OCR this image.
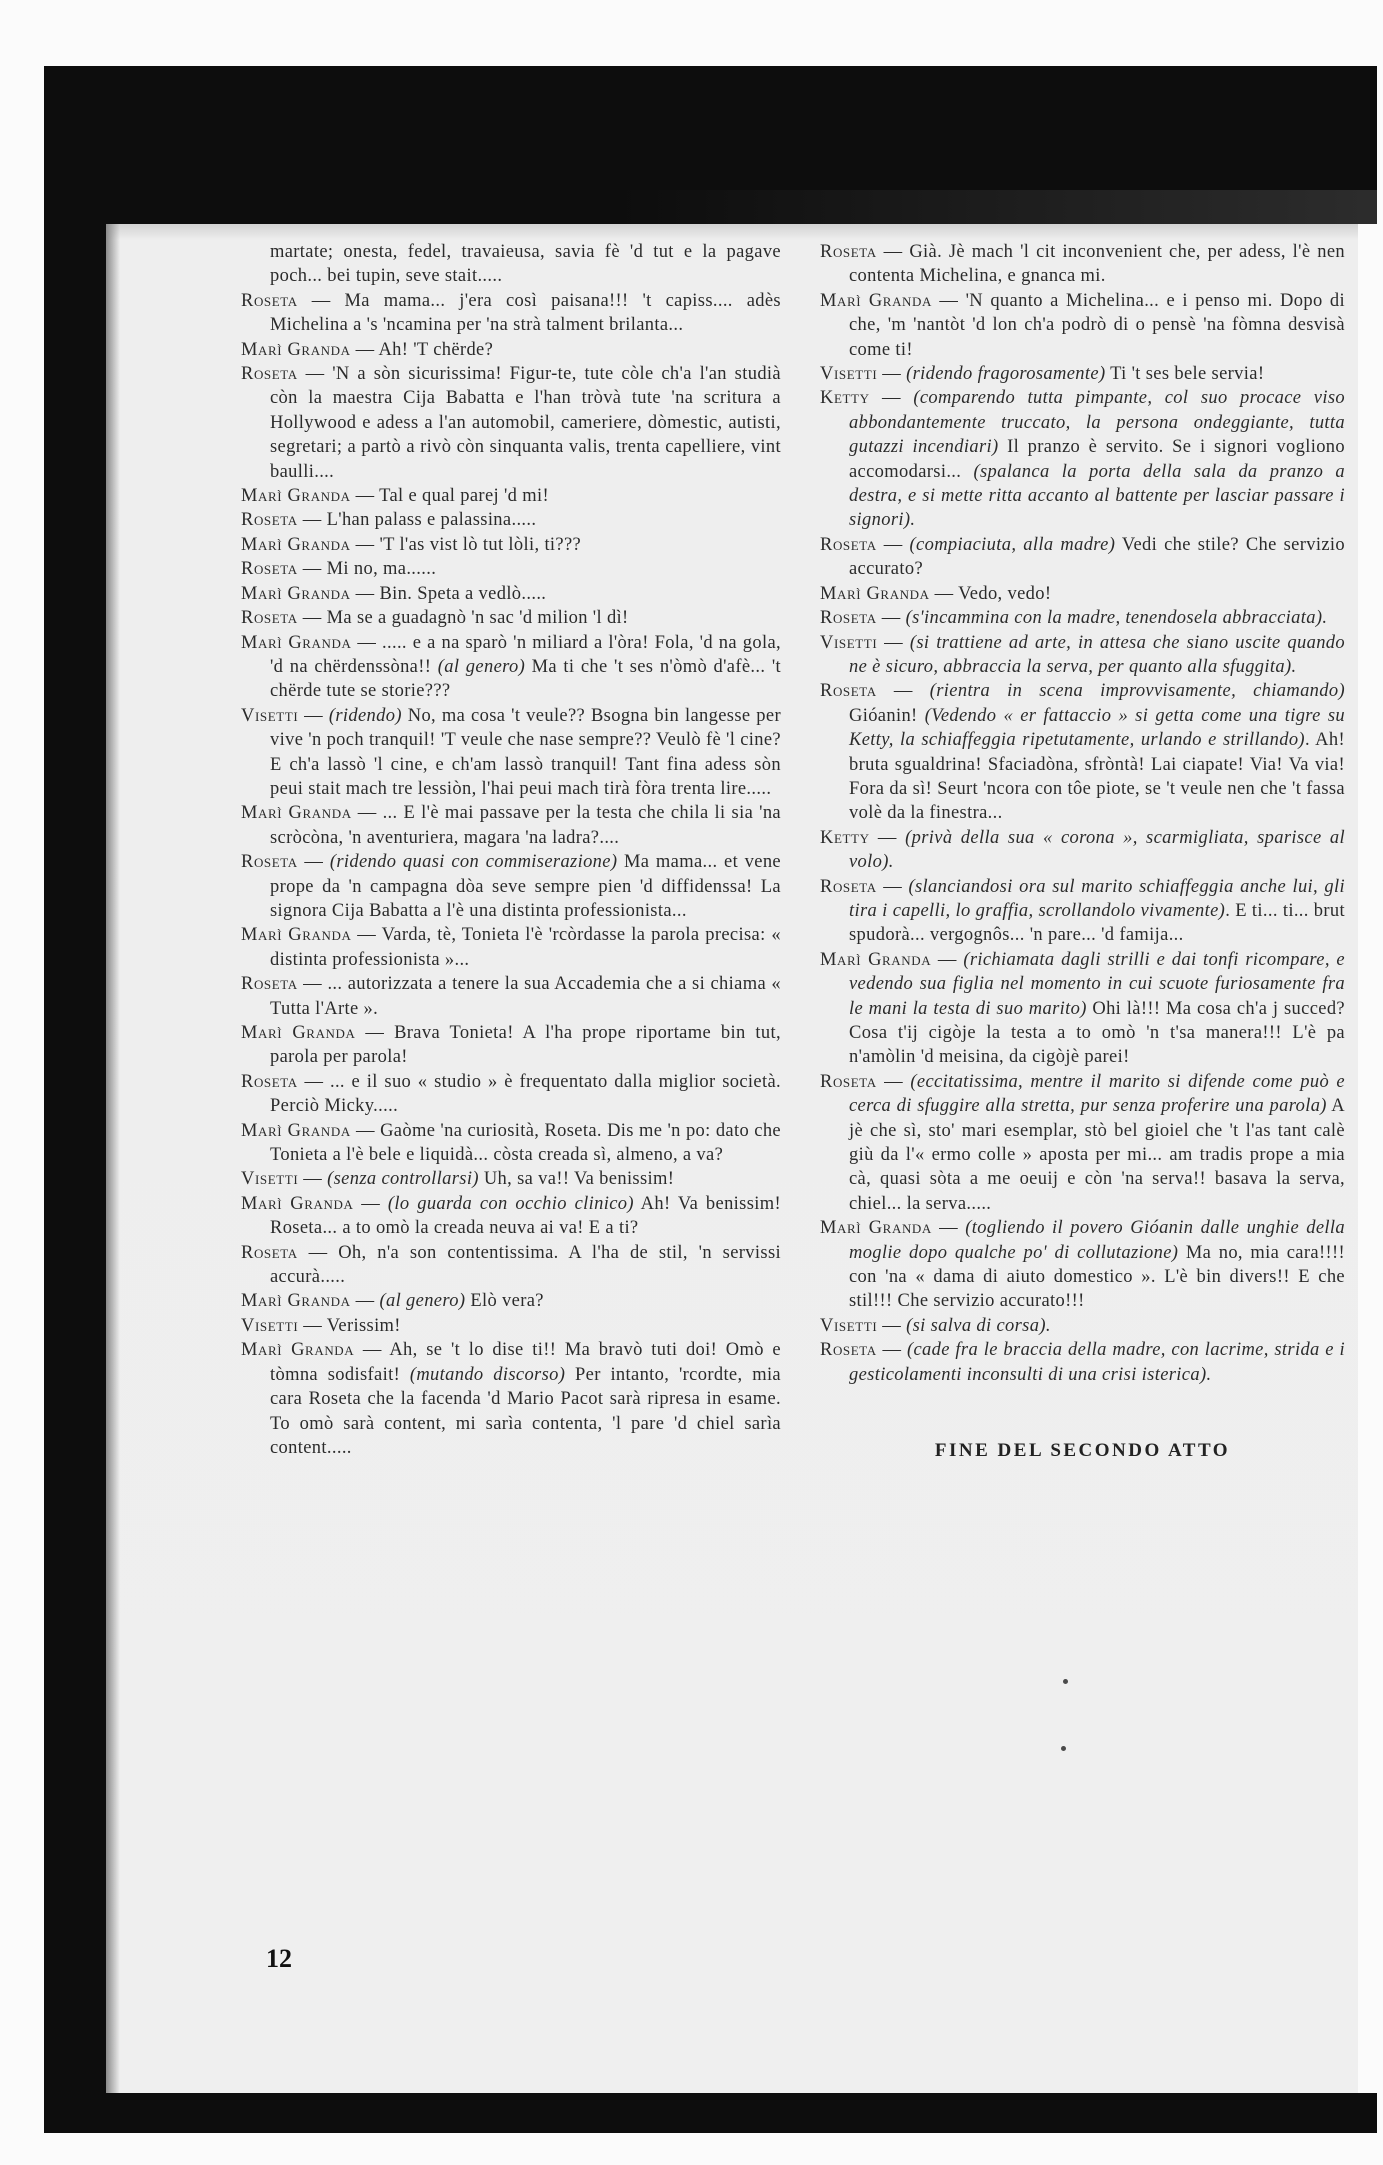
martate; onesta, fedel, travaieusa, savia fè 'd tut e la pagave poch... bei tupin, seve stait.....

Roseta — Ma mama... j'era così paisana!!! 't capiss.... adès Michelina a 's 'ncamina per 'na strà talment brilanta...

Marì Granda — Ah! 'T chërde?

Roseta — 'N a sòn sicurissima! Figur-te, tute còle ch'a l'an studià còn la maestra Cija Babatta e l'han tròvà tute 'na scritura a Hollywood e adess a l'an automobil, cameriere, dòmestic, autisti, segretari; a partò a rivò còn sinquanta valis, trenta capelliere, vint baulli....

Marì Granda — Tal e qual parej 'd mi!

Roseta — L'han palass e palassina.....

Marì Granda — 'T l'as vist lò tut lòli, ti???

Roseta — Mi no, ma......

Marì Granda — Bin. Speta a vedlò.....

Roseta — Ma se a guadagnò 'n sac 'd milion 'l dì!

Marì Granda — ..... e a na sparò 'n miliard a l'òra! Fola, 'd na gola, 'd na chërdenssòna!! (al genero) Ma ti che 't ses n'òmò d'afè... 't chërde tute se storie???

Visetti — (ridendo) No, ma cosa 't veule?? Bsogna bin langesse per vive 'n poch tranquil! 'T veule che nase sempre?? Veulò fè 'l cine? E ch'a lassò 'l cine, e ch'am lassò tranquil! Tant fina adess sòn peui stait mach tre lessiòn, l'hai peui mach tirà fòra trenta lire.....

Marì Granda — ... E l'è mai passave per la testa che chila li sia 'na scròcòna, 'n aventuriera, magara 'na ladra?....

Roseta — (ridendo quasi con commiserazione) Ma mama... et vene prope da 'n campagna dòa seve sempre pien 'd diffidenssa! La signora Cija Babatta a l'è una distinta professionista...

Marì Granda — Varda, tè, Tonieta l'è 'rcòrdasse la parola precisa: « distinta professionista »...

Roseta — ... autorizzata a tenere la sua Accademia che a si chiama « Tutta l'Arte ».

Marì Granda — Brava Tonieta! A l'ha prope riportame bin tut, parola per parola!

Roseta — ... e il suo « studio » è frequentato dalla miglior società. Perciò Micky.....

Marì Granda — Gaòme 'na curiosità, Roseta. Dis me 'n po: dato che Tonieta a l'è bele e liquidà... còsta creada sì, almeno, a va?

Visetti — (senza controllarsi) Uh, sa va!! Va benissim!

Marì Granda — (lo guarda con occhio clinico) Ah! Va benissim! Roseta... a to omò la creada neuva ai va! E a ti?

Roseta — Oh, n'a son contentissima. A l'ha de stil, 'n servissi accurà.....

Marì Granda — (al genero) Elò vera?

Visetti — Verissim!

Marì Granda — Ah, se 't lo dise ti!! Ma bravò tuti doi! Omò e tòmna sodisfait! (mutando discorso) Per intanto, 'rcordte, mia cara Roseta che la facenda 'd Mario Pacot sarà ripresa in esame. To omò sarà content, mi sarìa contenta, 'l pare 'd chiel sarìa content.....

Roseta — Già. Jè mach 'l cit inconvenient che, per adess, l'è nen contenta Michelina, e gnanca mi.

Marì Granda — 'N quanto a Michelina... e i penso mi. Dopo di che, 'm 'nantòt 'd lon ch'a podrò di o pensè 'na fòmna desvisà come ti!

Visetti — (ridendo fragorosamente) Ti 't ses bele servia!

Ketty — (comparendo tutta pimpante, col suo procace viso abbondantemente truccato, la persona ondeggiante, tutta gutazzi incendiari) Il pranzo è servito. Se i signori vogliono accomodarsi... (spalanca la porta della sala da pranzo a destra, e si mette ritta accanto al battente per lasciar passare i signori).

Roseta — (compiaciuta, alla madre) Vedi che stile? Che servizio accurato?

Marì Granda — Vedo, vedo!

Roseta — (s'incammina con la madre, tenendosela abbracciata).

Visetti — (si trattiene ad arte, in attesa che siano uscite quando ne è sicuro, abbraccia la serva, per quanto alla sfuggita).

Roseta — (rientra in scena improvvisamente, chiamando) Gióanin! (Vedendo « er fattaccio » si getta come una tigre su Ketty, la schiaffeggia ripetutamente, urlando e strillando). Ah! bruta sgualdrina! Sfaciadòna, sfròntà! Lai ciapate! Via! Va via! Fora da sì! Seurt 'ncora con tôe piote, se 't veule nen che 't fassa volè da la finestra...

Ketty — (privà della sua « corona », scarmigliata, sparisce al volo).

Roseta — (slanciandosi ora sul marito schiaffeggia anche lui, gli tira i capelli, lo graffia, scrollandolo vivamente). E ti... ti... brut spudorà... vergognôs... 'n pare... 'd famija...

Marì Granda — (richiamata dagli strilli e dai tonfi ricompare, e vedendo sua figlia nel momento in cui scuote furiosamente fra le mani la testa di suo marito) Ohi là!!! Ma cosa ch'a j succed? Cosa t'ij cigòje la testa a to omò 'n t'sa manera!!! L'è pa n'amòlin 'd meisina, da cigòjè parei!

Roseta — (eccitatissima, mentre il marito si difende come può e cerca di sfuggire alla stretta, pur senza proferire una parola) A jè che sì, sto' mari esemplar, stò bel gioiel che 't l'as tant calè giù da l'« ermo colle » aposta per mi... am tradis prope a mia cà, quasi sòta a me oeuij e còn 'na serva!! basava la serva, chiel... la serva.....

Marì Granda — (togliendo il povero Gióanin dalle unghie della moglie dopo qualche po' di collutazione) Ma no, mia cara!!!! con 'na « dama di aiuto domestico ». L'è bin divers!! E che stil!!! Che servizio accurato!!!

Visetti — (si salva di corsa).

Roseta — (cade fra le braccia della madre, con lacrime, strida e i gesticolamenti inconsulti di una crisi isterica).

FINE DEL SECONDO ATTO

12
